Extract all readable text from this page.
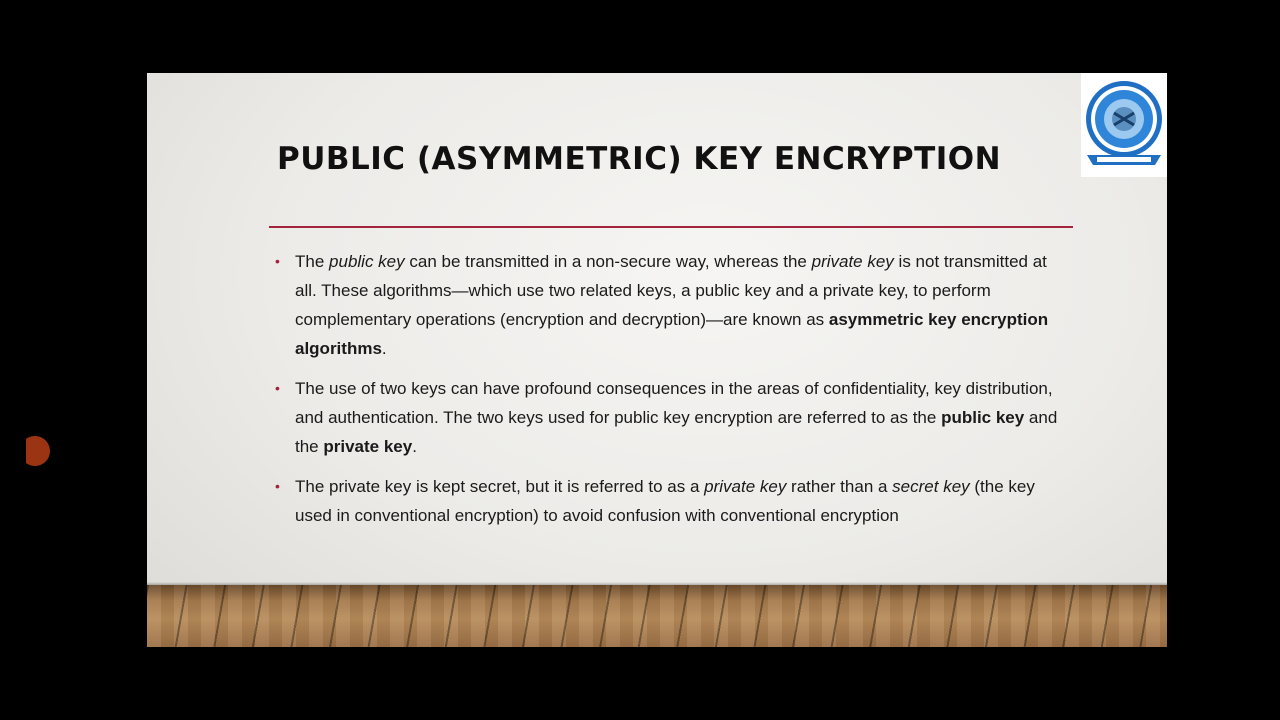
PUBLIC (ASYMMETRIC) KEY ENCRYPTION
• The public key can be transmitted in a non-secure way, whereas the private key is not transmitted at all. These algorithms—which use two related keys, a public key and a private key, to perform complementary operations (encryption and decryption)—are known as asymmetric key encryption algorithms.
• The use of two keys can have profound consequences in the areas of confidentiality, key distribution, and authentication. The two keys used for public key encryption are referred to as the public key and the private key.
• The private key is kept secret, but it is referred to as a private key rather than a secret key (the key used in conventional encryption) to avoid confusion with conventional encryption
